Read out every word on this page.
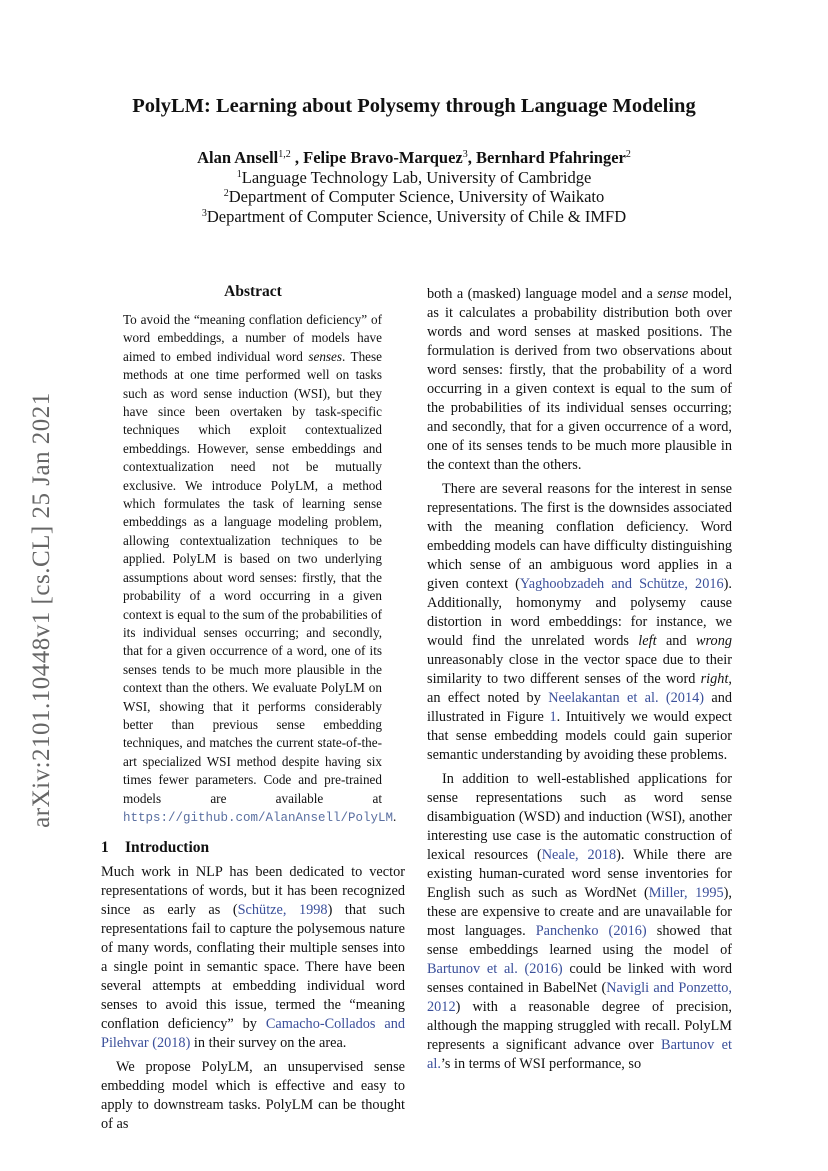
arXiv:2101.10448v1 [cs.CL] 25 Jan 2021
PolyLM: Learning about Polysemy through Language Modeling
Alan Ansell$^{1,2}$ , Felipe Bravo-Marquez$^3$, Bernhard Pfahringer$^2$
$^1$Language Technology Lab, University of Cambridge
$^2$Department of Computer Science, University of Waikato
$^3$Department of Computer Science, University of Chile & IMFD
Abstract

To avoid the “meaning conflation deficiency” of word embeddings, a number of models have aimed to embed individual word senses. These methods at one time performed well on tasks such as word sense induction (WSI), but they have since been overtaken by task-specific techniques which exploit contextualized embeddings. However, sense embeddings and contextualization need not be mutually exclusive. We introduce PolyLM, a method which formulates the task of learning sense embeddings as a language modeling problem, allowing contextualization techniques to be applied. PolyLM is based on two underlying assumptions about word senses: firstly, that the probability of a word occurring in a given context is equal to the sum of the probabilities of its individual senses occurring; and secondly, that for a given occurrence of a word, one of its senses tends to be much more plausible in the context than the others. We evaluate PolyLM on WSI, showing that it performs considerably better than previous sense embedding techniques, and matches the current state-of-the-art specialized WSI method despite having six times fewer parameters. Code and pre-trained models are available at https://github.com/AlanAnsell/PolyLM.

1 Introduction

Much work in NLP has been dedicated to vector representations of words, but it has been recognized since as early as (Schütze, 1998) that such representations fail to capture the polysemous nature of many words, conflating their multiple senses into a single point in semantic space. There have been several attempts at embedding individual word senses to avoid this issue, termed the “meaning conflation deficiency” by Camacho-Collados and Pilehvar (2018) in their survey on the area.

We propose PolyLM, an unsupervised sense embedding model which is effective and easy to apply to downstream tasks. PolyLM can be thought of as

both a (masked) language model and a sense model, as it calculates a probability distribution both over words and word senses at masked positions. The formulation is derived from two observations about word senses: firstly, that the probability of a word occurring in a given context is equal to the sum of the probabilities of its individual senses occurring; and secondly, that for a given occurrence of a word, one of its senses tends to be much more plausible in the context than the others.

There are several reasons for the interest in sense representations. The first is the downsides associated with the meaning conflation deficiency. Word embedding models can have difficulty distinguishing which sense of an ambiguous word applies in a given context (Yaghoobzadeh and Schütze, 2016). Additionally, homonymy and polysemy cause distortion in word embeddings: for instance, we would find the unrelated words left and wrong unreasonably close in the vector space due to their similarity to two different senses of the word right, an effect noted by Neelakantan et al. (2014) and illustrated in Figure 1. Intuitively we would expect that sense embedding models could gain superior semantic understanding by avoiding these problems.

In addition to well-established applications for sense representations such as word sense disambiguation (WSD) and induction (WSI), another interesting use case is the automatic construction of lexical resources (Neale, 2018). While there are existing human-curated word sense inventories for English such as such as WordNet (Miller, 1995), these are expensive to create and are unavailable for most languages. Panchenko (2016) showed that sense embeddings learned using the model of Bartunov et al. (2016) could be linked with word senses contained in BabelNet (Navigli and Ponzetto, 2012) with a reasonable degree of precision, although the mapping struggled with recall. PolyLM represents a significant advance over Bartunov et al.’s in terms of WSI performance, so
